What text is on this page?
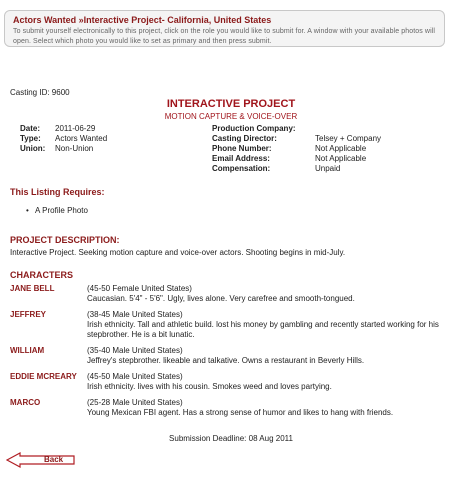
Actors Wanted »Interactive Project- California, United States
To submit yourself electronically to this project, click on the role you would like to submit for. A window with your available photos will open. Select which photo you would like to set as primary and then press submit.
Casting ID: 9600
INTERACTIVE PROJECT
MOTION CAPTURE & VOICE-OVER
Date: 2011-06-29
Type: Actors Wanted
Union: Non-Union
Production Company:
Casting Director:	Telsey + Company
Phone Number:	Not Applicable
Email Address:	Not Applicable
Compensation:	Unpaid
This Listing Requires:
• A Profile Photo
PROJECT DESCRIPTION:
Interactive Project. Seeking motion capture and voice-over actors. Shooting begins in mid-July.
CHARACTERS
JANE BELL	(45-50 Female United States)
Caucasian. 5'4" - 5'6". Ugly, lives alone. Very carefree and smooth-tongued.
JEFFREY	(38-45 Male United States)
Irish ethnicity. Tall and athletic build. lost his money by gambling and recently started working for his stepbrother. He is a bit lunatic.
WILLIAM	(35-40 Male United States)
Jeffrey's stepbrother. likeable and talkative. Owns a restaurant in Beverly Hills.
EDDIE MCREARY (45-50 Male United States)
Irish ethnicity. lives with his cousin. Smokes weed and loves partying.
MARCO	(25-28 Male United States)
Young Mexican FBI agent. Has a strong sense of humor and likes to hang with friends.
Submission Deadline: 08 Aug 2011
Back
